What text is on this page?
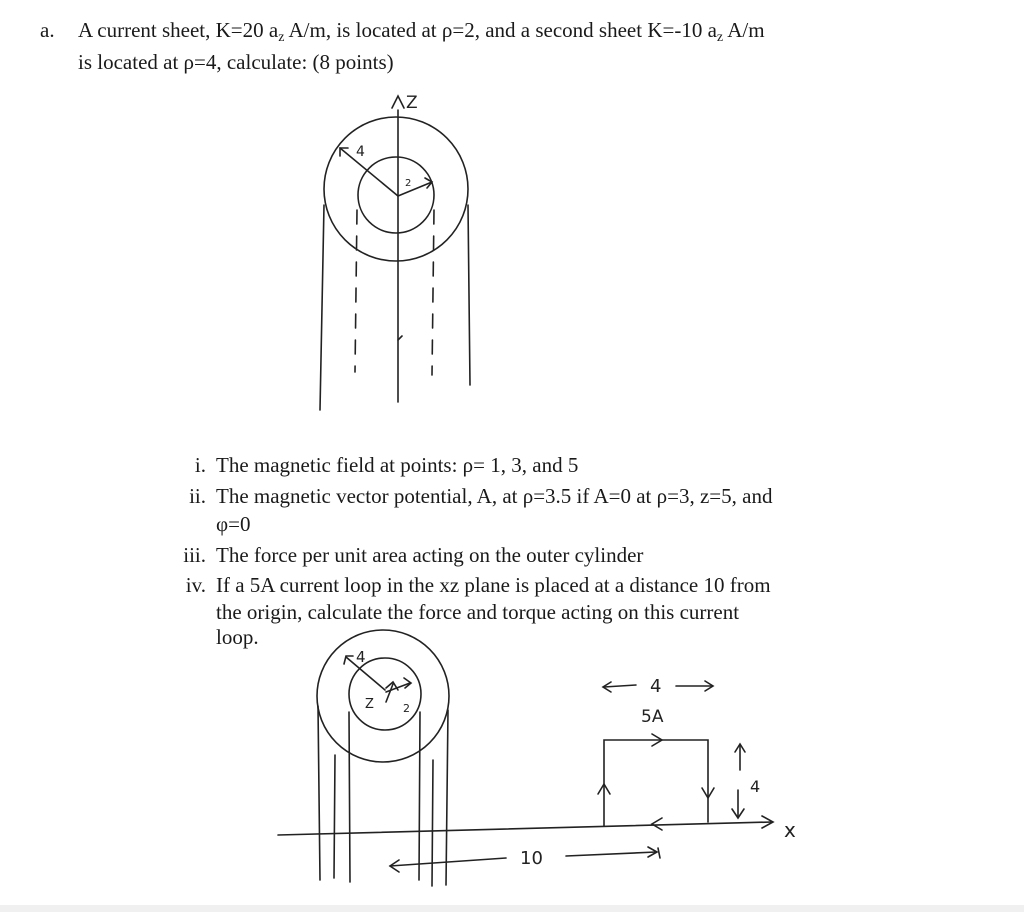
a. A current sheet, K=20 az A/m, is located at ρ=2, and a second sheet K=-10 az A/m
is located at ρ=4, calculate: (8 points)
Z
4
2
4
2
Z
4
5A
4
x
10
i. The magnetic field at points: ρ= 1, 3, and 5
ii. The magnetic vector potential, A, at ρ=3.5 if A=0 at ρ=3, z=5, and
φ=0
iii. The force per unit area acting on the outer cylinder
iv. If a 5A current loop in the xz plane is placed at a distance 10 from
the origin, calculate the force and torque acting on this current
loop.
